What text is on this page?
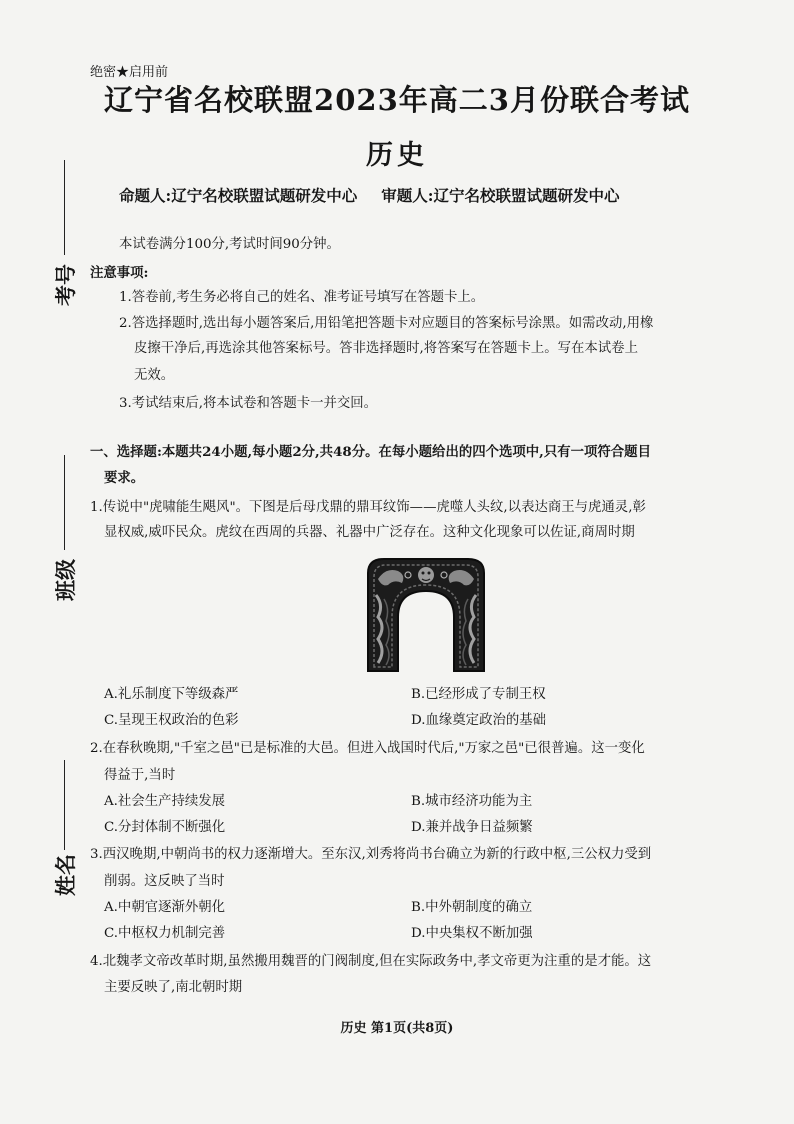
绝密★启用前
辽宁省名校联盟2023年高二3月份联合考试
历史
命题人:辽宁名校联盟试题研发中心 审题人:辽宁名校联盟试题研发中心
考号
班级
姓名
本试卷满分100分,考试时间90分钟。
注意事项:
1.答卷前,考生务必将自己的姓名、准考证号填写在答题卡上。
2.答选择题时,选出每小题答案后,用铅笔把答题卡对应题目的答案标号涂黑。如需改动,用橡
皮擦干净后,再选涂其他答案标号。答非选择题时,将答案写在答题卡上。写在本试卷上
无效。
3.考试结束后,将本试卷和答题卡一并交回。
一、选择题:本题共24小题,每小题2分,共48分。在每小题给出的四个选项中,只有一项符合题目
要求。
1.传说中"虎啸能生飓风"。下图是后母戊鼎的鼎耳纹饰——虎噬人头纹,以表达商王与虎通灵,彰
显权威,威吓民众。虎纹在西周的兵器、礼器中广泛存在。这种文化现象可以佐证,商周时期
A.礼乐制度下等级森严	B.已经形成了专制王权
C.呈现王权政治的色彩	D.血缘奠定政治的基础
2.在春秋晚期,"千室之邑"已是标准的大邑。但进入战国时代后,"万家之邑"已很普遍。这一变化
得益于,当时
A.社会生产持续发展	B.城市经济功能为主
C.分封体制不断强化	D.兼并战争日益频繁
3.西汉晚期,中朝尚书的权力逐渐增大。至东汉,刘秀将尚书台确立为新的行政中枢,三公权力受到
削弱。这反映了当时
A.中朝官逐渐外朝化	B.中外朝制度的确立
C.中枢权力机制完善	D.中央集权不断加强
4.北魏孝文帝改革时期,虽然搬用魏晋的门阀制度,但在实际政务中,孝文帝更为注重的是才能。这
主要反映了,南北朝时期
历史 第1页(共8页)
